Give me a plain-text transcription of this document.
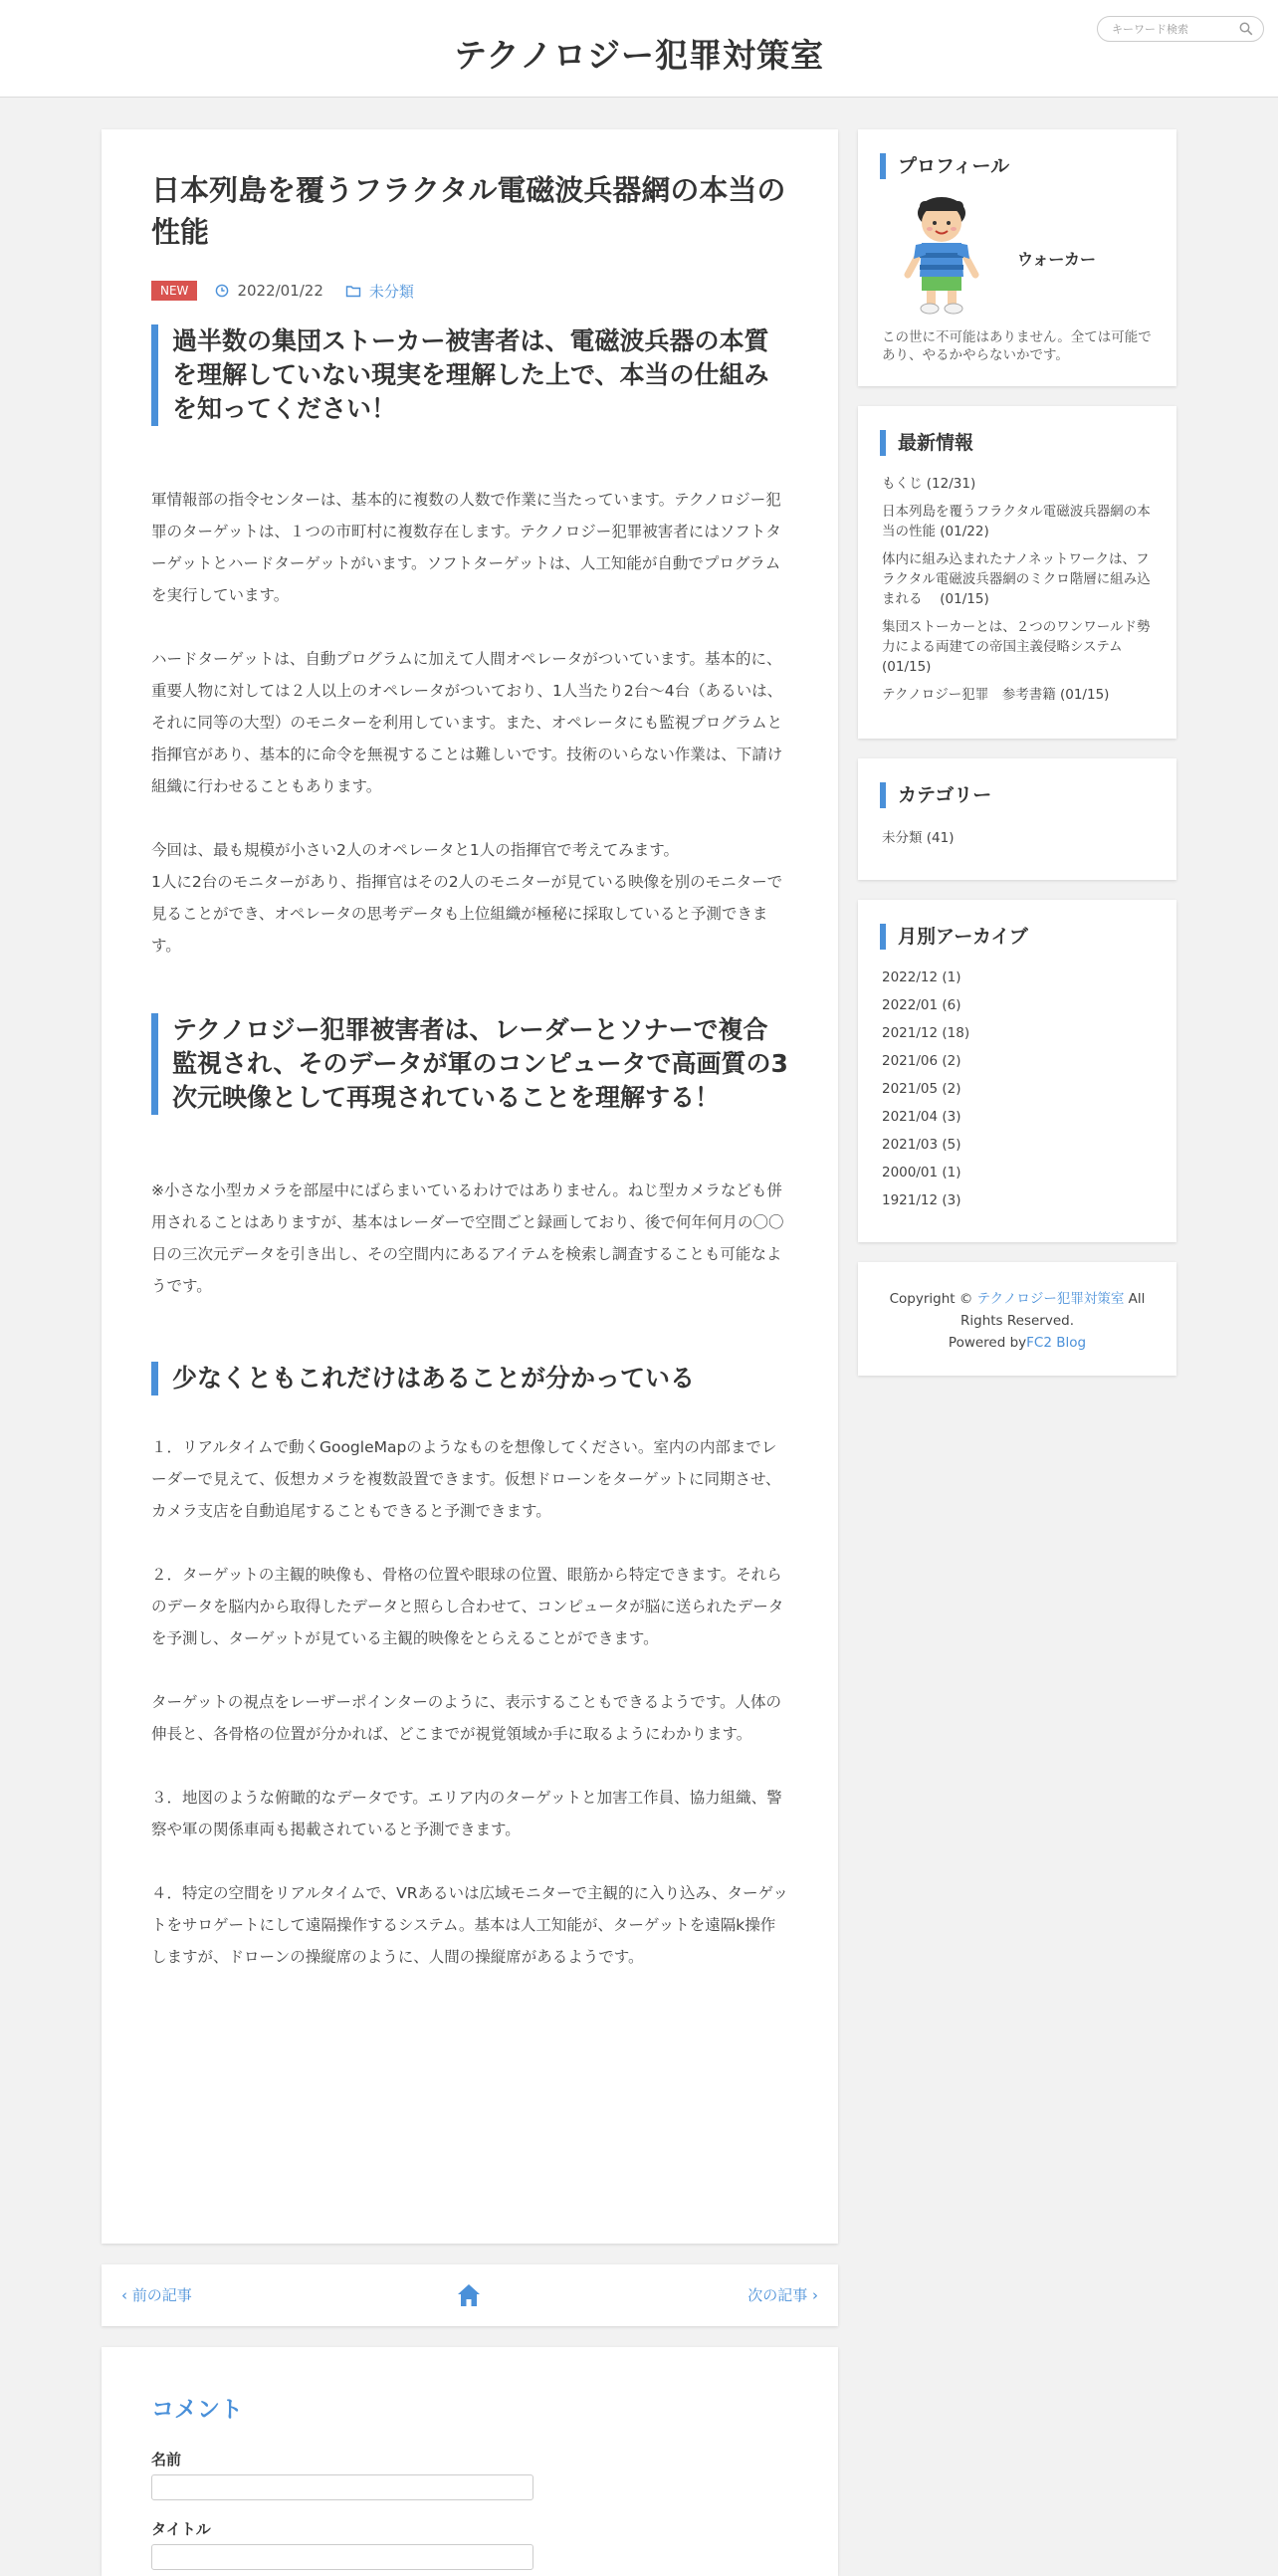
テクノロジー犯罪対策室
キーワード検索
日本列島を覆うフラクタル電磁波兵器網の本当の性能
NEW	2022/01/22	未分類
過半数の集団ストーカー被害者は、電磁波兵器の本質を理解していない現実を理解した上で、本当の仕組みを知ってください！

軍情報部の指令センターは、基本的に複数の人数で作業に当たっています。テクノロジー犯罪のターゲットは、１つの市町村に複数存在します。テクノロジー犯罪被害者にはソフトターゲットとハードターゲットがいます。ソフトターゲットは、人工知能が自動でプログラムを実行しています。

ハードターゲットは、自動プログラムに加えて人間オペレータがついています。基本的に、重要人物に対しては２人以上のオペレータがついており、1人当たり2台～4台（あるいは、それに同等の大型）のモニターを利用しています。また、オペレータにも監視プログラムと指揮官があり、基本的に命令を無視することは難しいです。技術のいらない作業は、下請け組織に行わせることもあります。

今回は、最も規模が小さい2人のオペレータと1人の指揮官で考えてみます。
1人に2台のモニターがあり、指揮官はその2人のモニターが見ている映像を別のモニターで見ることができ、オペレータの思考データも上位組織が極秘に採取していると予測できます。

テクノロジー犯罪被害者は、レーダーとソナーで複合監視され、そのデータが軍のコンピュータで高画質の3次元映像として再現されていることを理解する！

※小さな小型カメラを部屋中にばらまいているわけではありません。ねじ型カメラなども併用されることはありますが、基本はレーダーで空間ごと録画しており、後で何年何月の〇〇日の三次元データを引き出し、その空間内にあるアイテムを検索し調査することも可能なようです。

少なくともこれだけはあることが分かっている

１．リアルタイムで動くGoogleMapのようなものを想像してください。室内の内部までレーダーで見えて、仮想カメラを複数設置できます。仮想ドローンをターゲットに同期させ、カメラ支店を自動追尾することもできると予測できます。

２．ターゲットの主観的映像も、骨格の位置や眼球の位置、眼筋から特定できます。それらのデータを脳内から取得したデータと照らし合わせて、コンピュータが脳に送られたデータを予測し、ターゲットが見ている主観的映像をとらえることができます。

ターゲットの視点をレーザーポインターのように、表示することもできるようです。人体の伸長と、各骨格の位置が分かれば、どこまでが視覚領域か手に取るようにわかります。

３．地図のような俯瞰的なデータです。エリア内のターゲットと加害工作員、協力組織、警察や軍の関係車両も掲載されていると予測できます。

４．特定の空間をリアルタイムで、VRあるいは広域モニターで主観的に入り込み、ターゲットをサロゲートにして遠隔操作するシステム。基本は人工知能が、ターゲットを遠隔k操作しますが、ドローンの操縦席のように、人間の操縦席があるようです。

‹ 前の記事	次の記事 ›
コメント
名前
タイトル
プロフィール
ウォーカー
この世に不可能はありません。全ては可能であり、やるかやらないかです。
最新情報
もくじ (12/31)
日本列島を覆うフラクタル電磁波兵器網の本当の性能 (01/22)
体内に組み込まれたナノネットワークは、フラクタル電磁波兵器網のミクロ階層に組み込まれる　 (01/15)
集団ストーカーとは、２つのワンワールド勢力による両建ての帝国主義侵略システム (01/15)
テクノロジー犯罪　参考書籍 (01/15)
カテゴリー
未分類 (41)
月別アーカイブ
2022/12 (1)
2022/01 (6)
2021/12 (18)
2021/06 (2)
2021/05 (2)
2021/04 (3)
2021/03 (5)
2000/01 (1)
1921/12 (3)
Copyright © テクノロジー犯罪対策室 All Rights Reserved.
Powered byFC2 Blog
